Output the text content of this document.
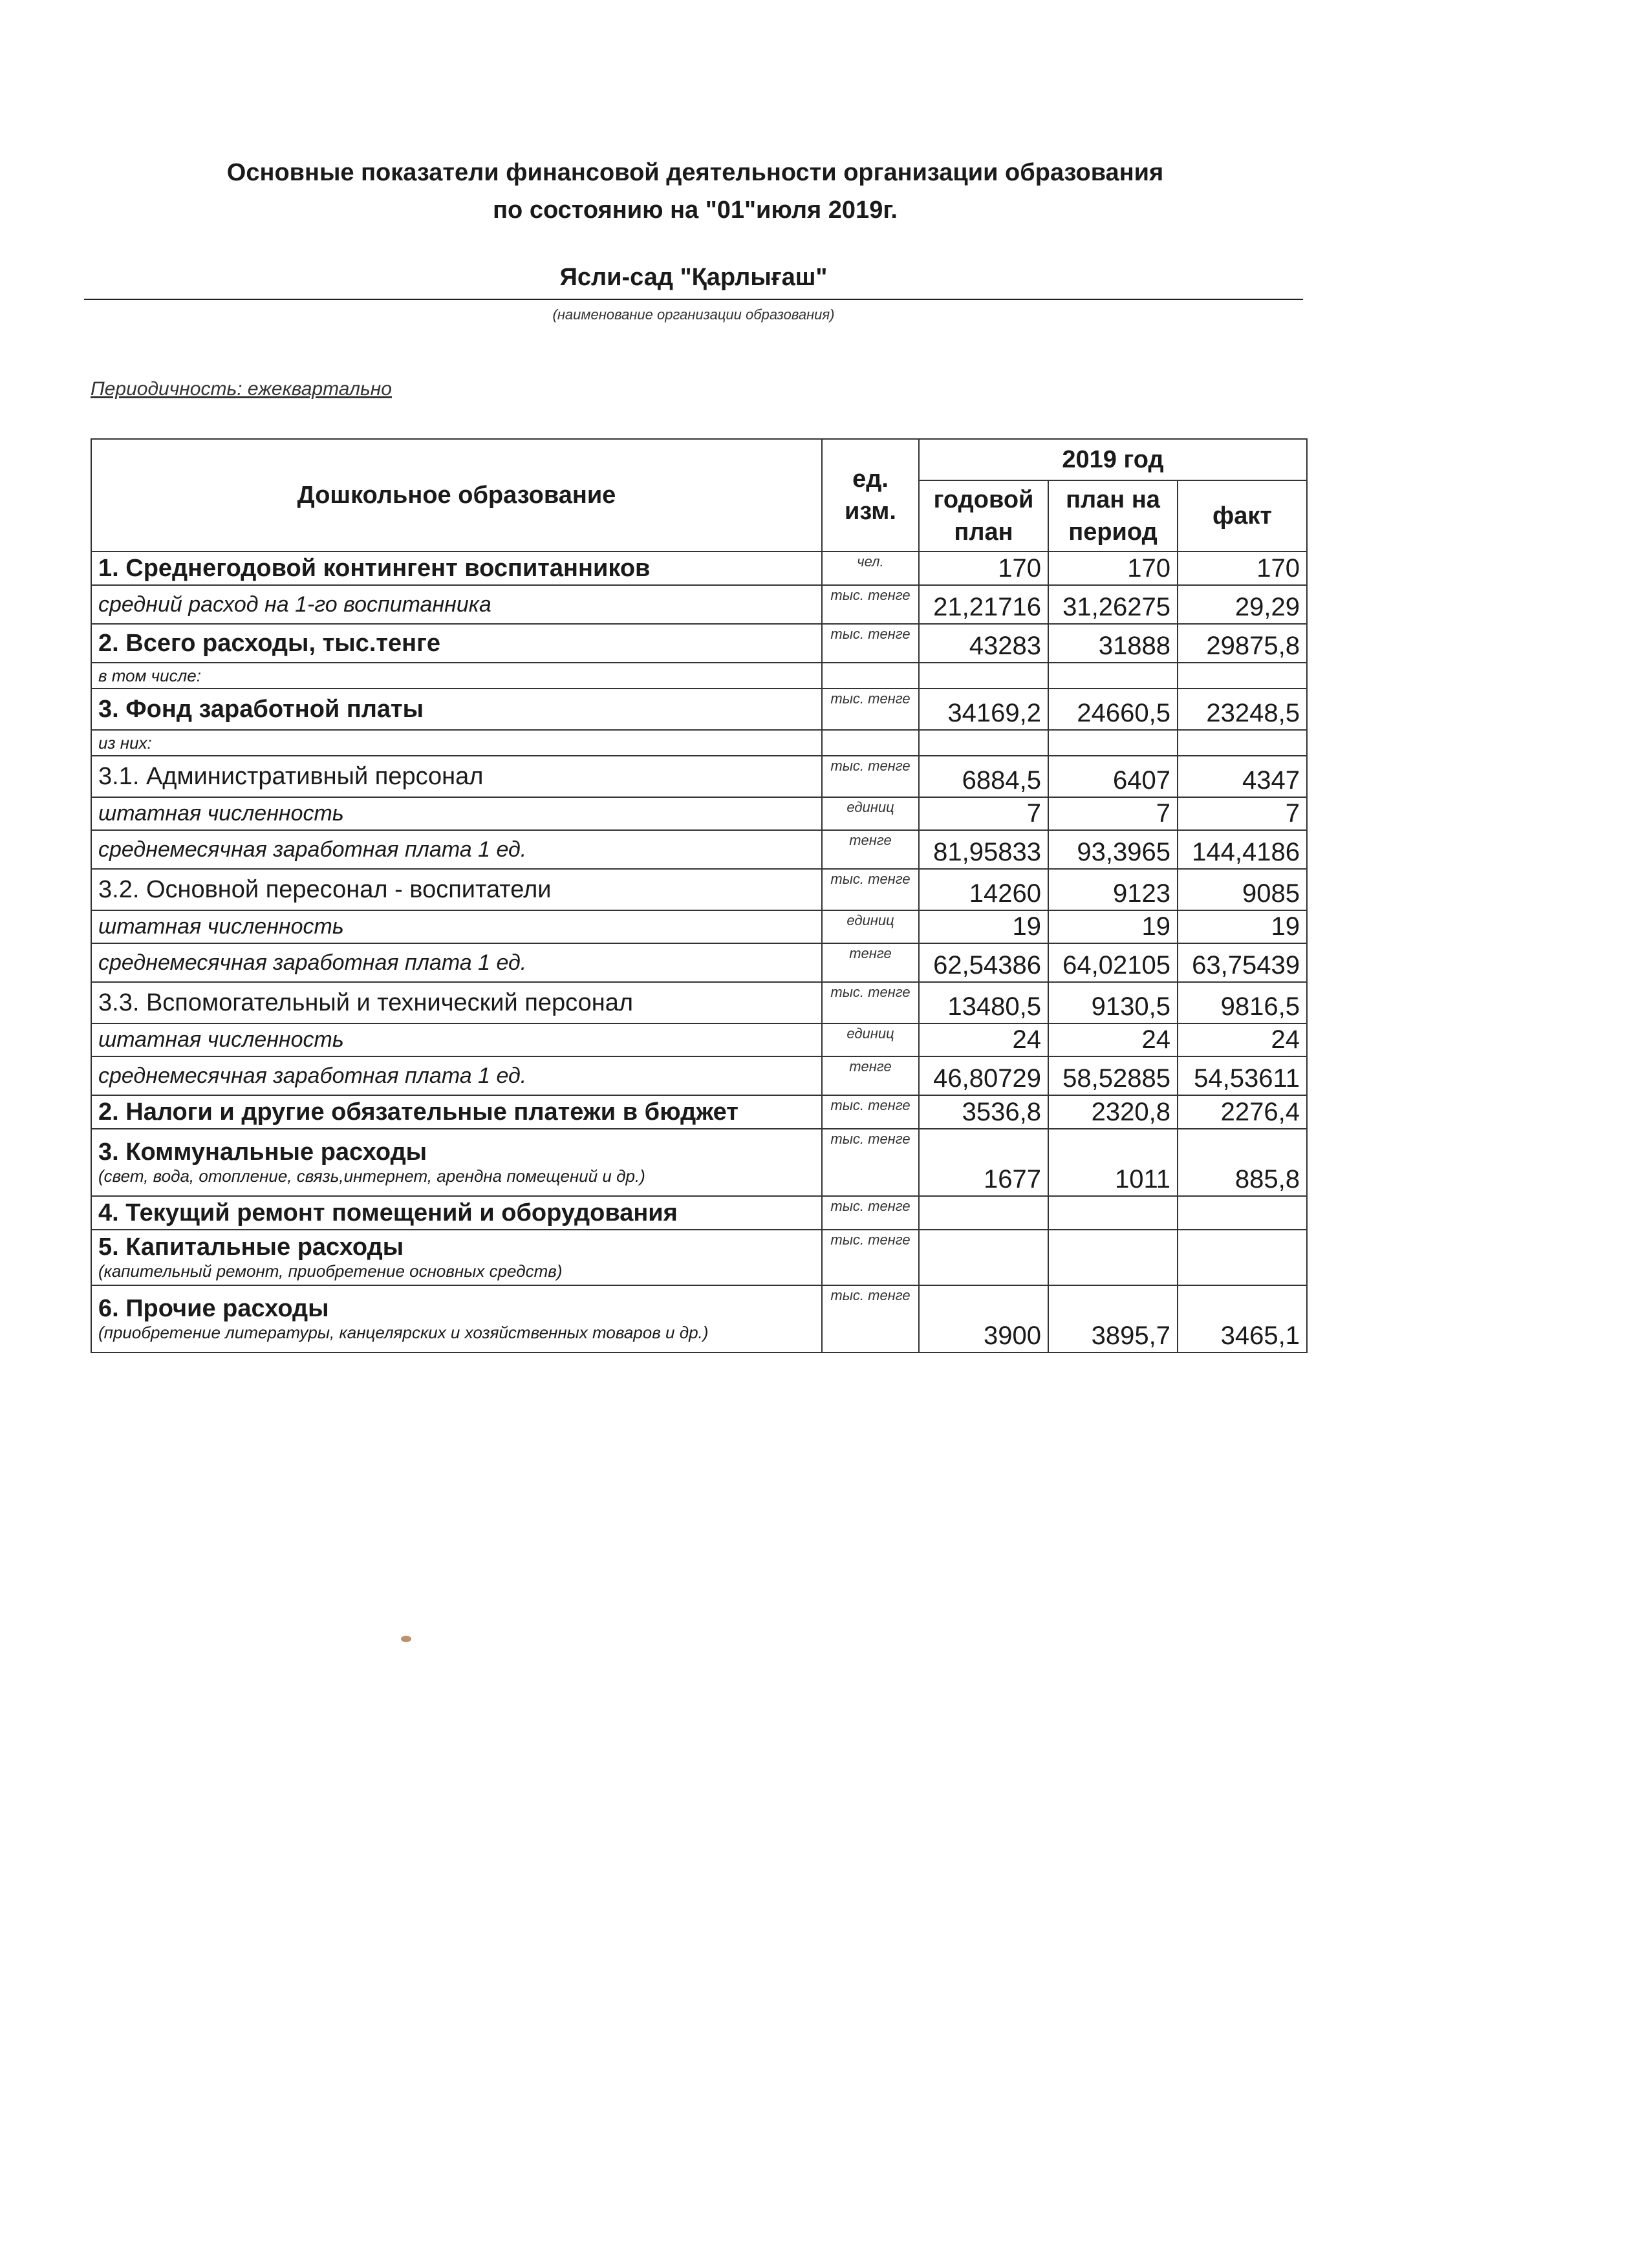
Основные показатели финансовой деятельности организации образования
по состоянию на "01"июля 2019г.
Ясли-сад "Қарлығаш"
(наименование организации образования)
Периодичность: ежеквартально
Дошкольное образование	ед. изм.	2019 год		
		годовой план	план на период	факт
1. Среднегодовой контингент воспитанников	чел.	170	170	170
средний расход на 1-го воспитанника	тыс. тенге	21,21716	31,26275	29,29
2. Всего расходы, тыс.тенге	тыс. тенге	43283	31888	29875,8
в том числе:				
3. Фонд заработной платы	тыс. тенге	34169,2	24660,5	23248,5
из них:				
3.1. Административный персонал	тыс. тенге	6884,5	6407	4347
штатная численность	единиц	7	7	7
среднемесячная заработная плата 1 ед.	тенге	81,95833	93,3965	144,4186
3.2. Основной пересонал - воспитатели	тыс. тенге	14260	9123	9085
штатная численность	единиц	19	19	19
среднемесячная заработная плата 1 ед.	тенге	62,54386	64,02105	63,75439
3.3. Вспомогательный и технический персонал	тыс. тенге	13480,5	9130,5	9816,5
штатная численность	единиц	24	24	24
среднемесячная заработная плата 1 ед.	тенге	46,80729	58,52885	54,53611
2. Налоги и другие обязательные платежи в бюджет	тыс. тенге	3536,8	2320,8	2276,4
3. Коммунальные расходы
(свет, вода, отопление, связь,интернет, арендна помещений и др.)	тыс. тенге	1677	1011	885,8
4. Текущий ремонт помещений и оборудования	тыс. тенге			
5. Капитальные расходы
(капительный ремонт, приобретение основных средств)	тыс. тенге			
6. Прочие расходы
(приобретение литературы, канцелярских и хозяйственных товаров и др.)	тыс. тенге	3900	3895,7	3465,1
